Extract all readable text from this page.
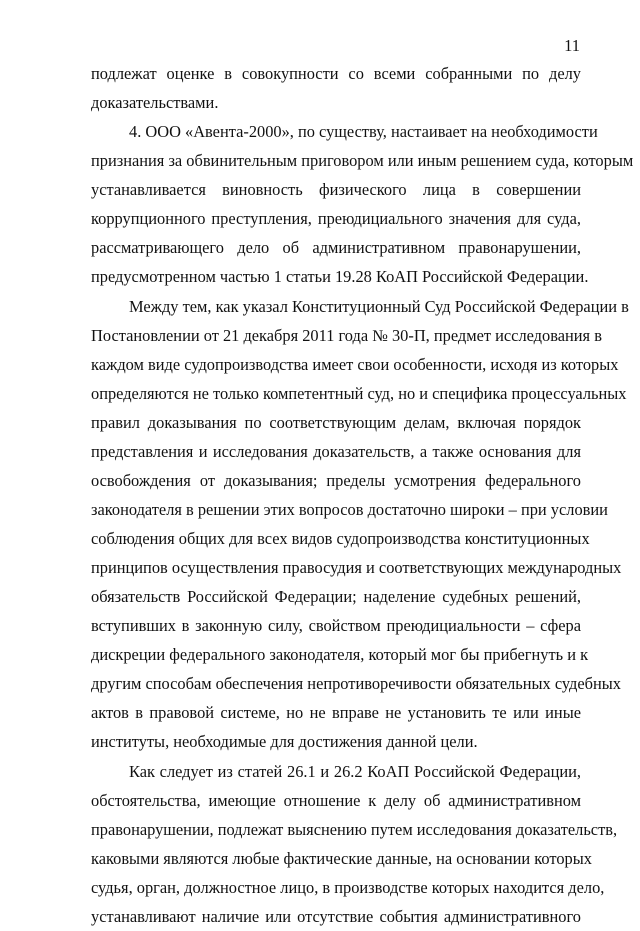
11
подлежат оценке в совокупности со всеми собранными по делу
доказательствами.
4. ООО «Авента-2000», по существу, настаивает на необходимости
признания за обвинительным приговором или иным решением суда, которым
устанавливается виновность физического лица в совершении
коррупционного преступления, преюдициального значения для суда,
рассматривающего дело об административном правонарушении,
предусмотренном частью 1 статьи 19.28 КоАП Российской Федерации.
Между тем, как указал Конституционный Суд Российской Федерации в
Постановлении от 21 декабря 2011 года № 30-П, предмет исследования в
каждом виде судопроизводства имеет свои особенности, исходя из которых
определяются не только компетентный суд, но и специфика процессуальных
правил доказывания по соответствующим делам, включая порядок
представления и исследования доказательств, а также основания для
освобождения от доказывания; пределы усмотрения федерального
законодателя в решении этих вопросов достаточно широки – при условии
соблюдения общих для всех видов судопроизводства конституционных
принципов осуществления правосудия и соответствующих международных
обязательств Российской Федерации; наделение судебных решений,
вступивших в законную силу, свойством преюдициальности – сфера
дискреции федерального законодателя, который мог бы прибегнуть и к
другим способам обеспечения непротиворечивости обязательных судебных
актов в правовой системе, но не вправе не установить те или иные
институты, необходимые для достижения данной цели.
Как следует из статей 26.1 и 26.2 КоАП Российской Федерации,
обстоятельства, имеющие отношение к делу об административном
правонарушении, подлежат выяснению путем исследования доказательств,
каковыми являются любые фактические данные, на основании которых
судья, орган, должностное лицо, в производстве которых находится дело,
устанавливают наличие или отсутствие события административного
